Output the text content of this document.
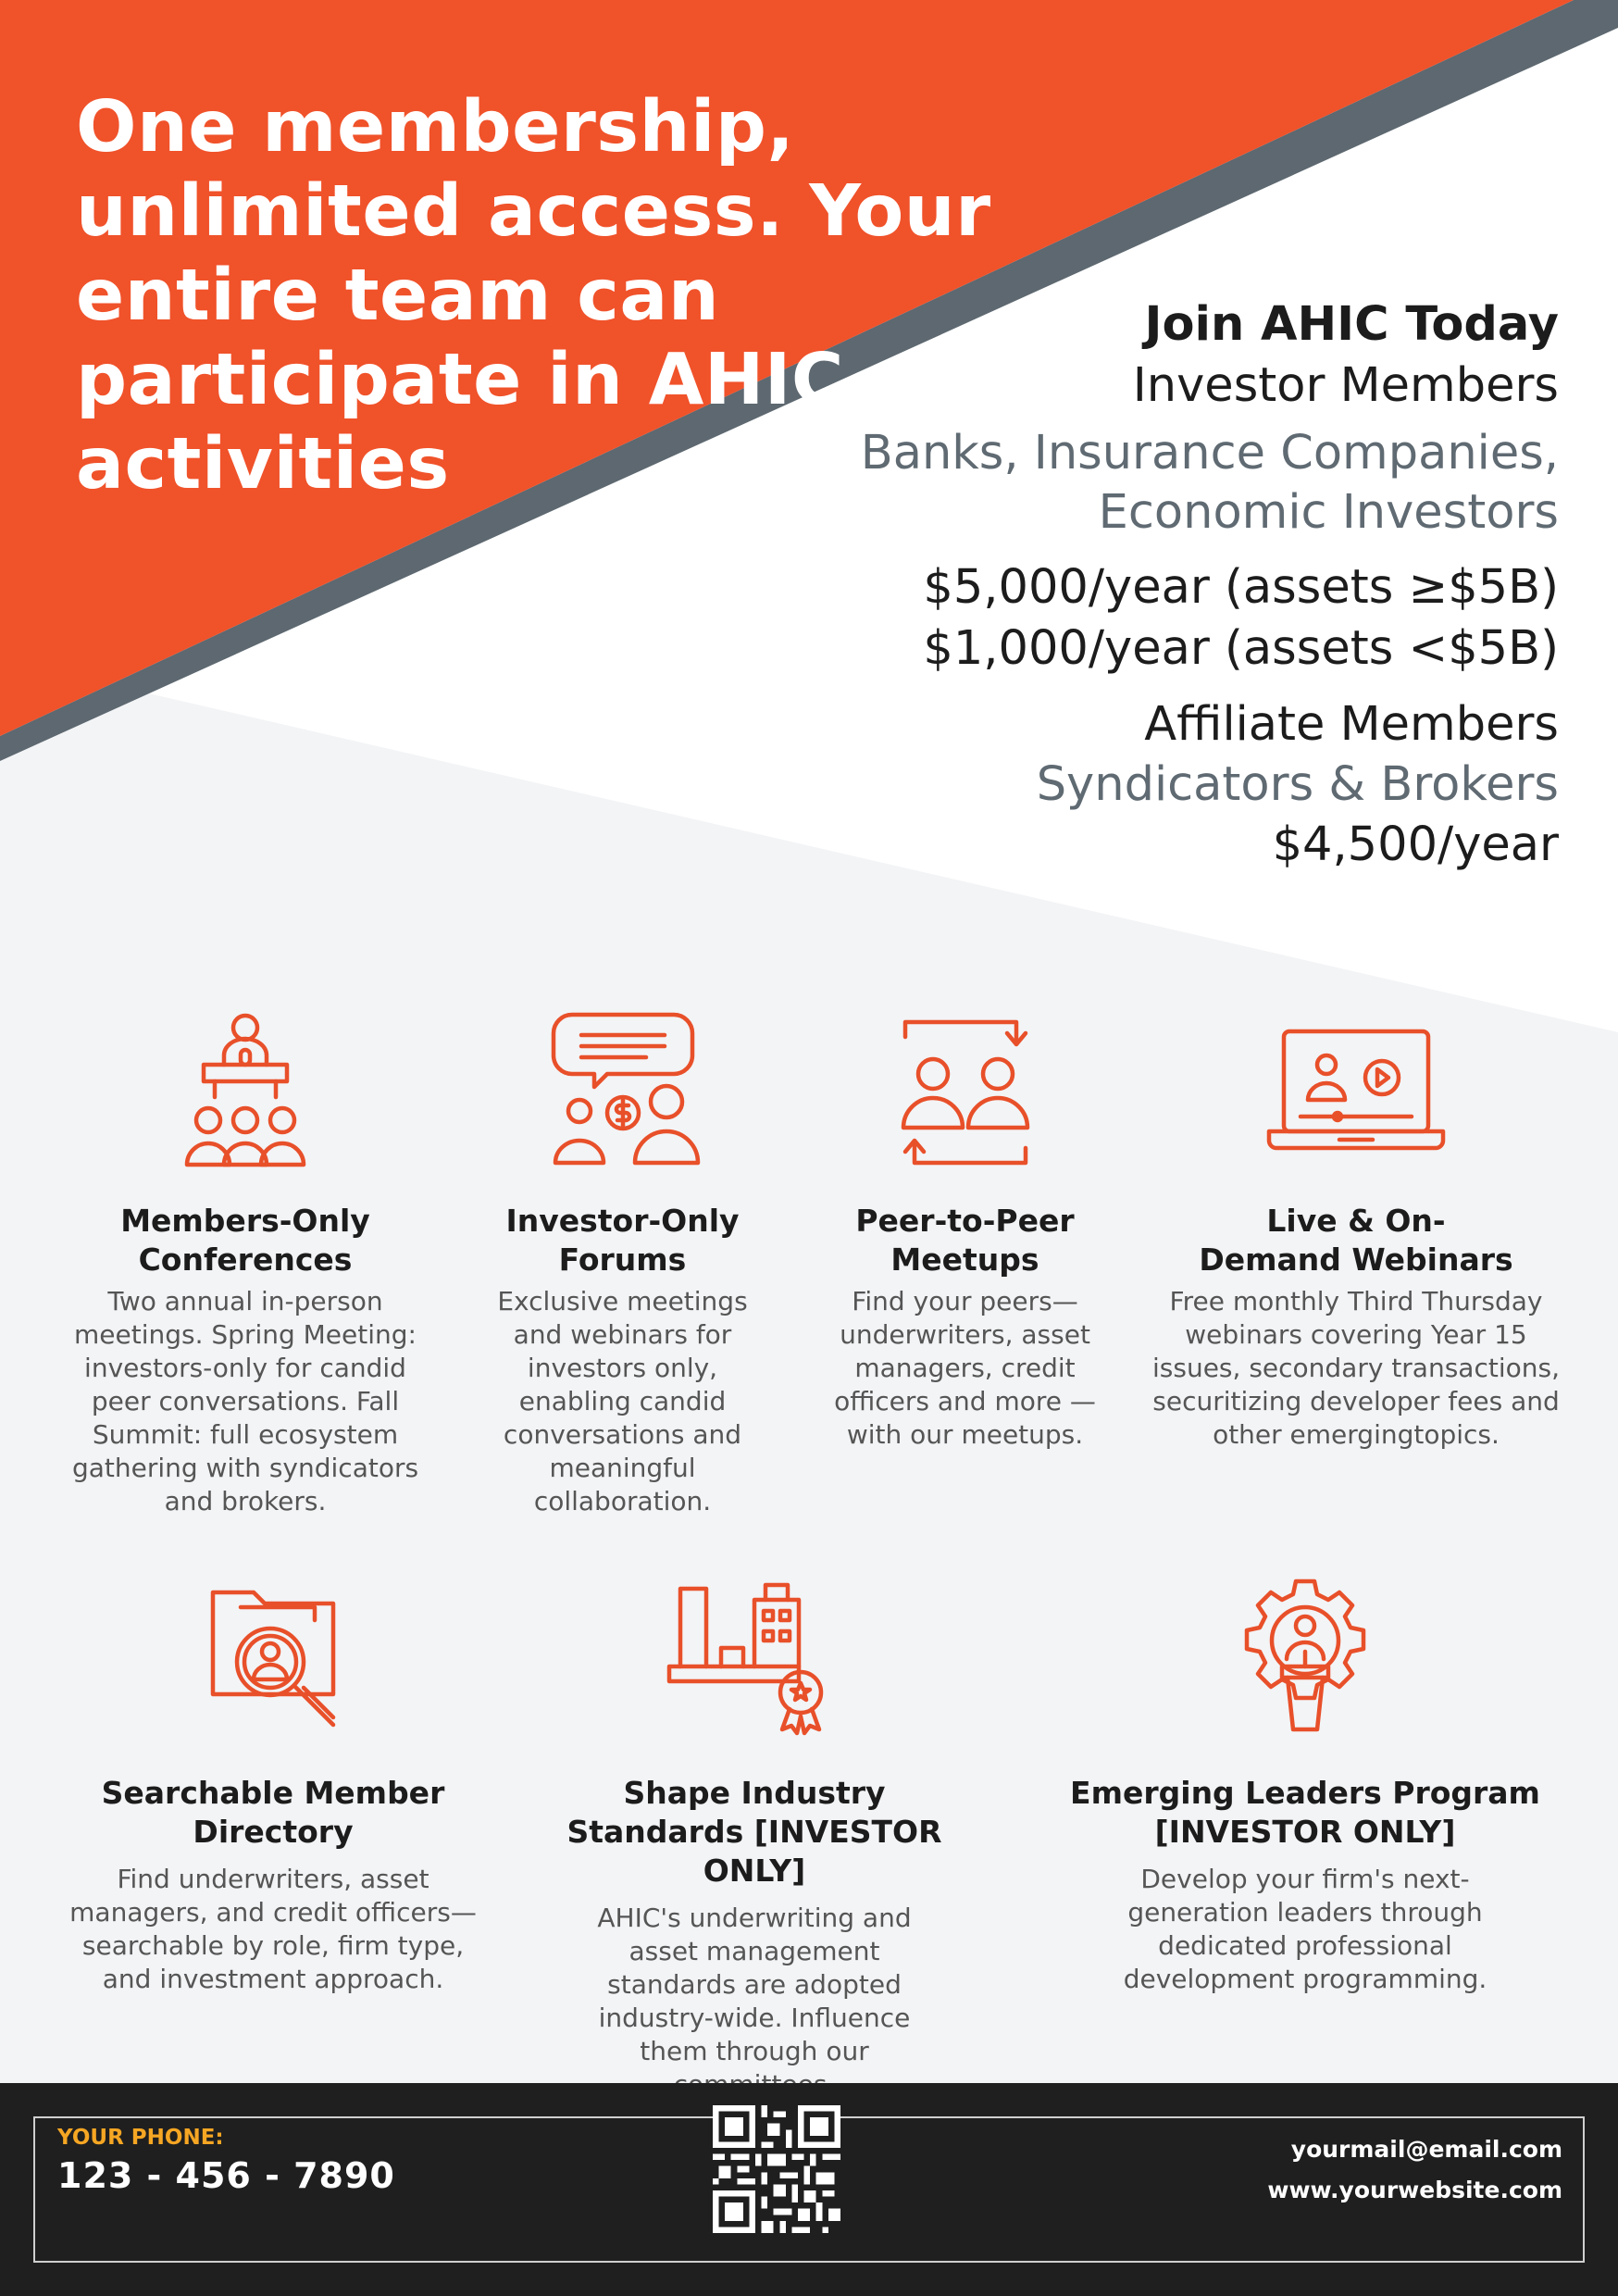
One membership, unlimited access. Your entire team can participate in AHIC activities
Join AHIC Today
Investor Members
Banks, Insurance Companies,
Economic Investors
$5,000/year (assets ≥$5B)
$1,000/year (assets <$5B)
Affiliate Members
Syndicators & Brokers
$4,500/year
Members-Only Conferences
Two annual in-person meetings. Spring Meeting: investors-only for candid peer conversations. Fall Summit: full ecosystem gathering with syndicators and brokers.
Investor-Only Forums
Exclusive meetings and webinars for investors only, enabling candid conversations and meaningful collaboration.
Peer-to-Peer Meetups
Find your peers— underwriters, asset managers, credit officers and more — with our meetups.
Live & On-Demand Webinars
Free monthly Third Thursday webinars covering Year 15 issues, secondary transactions, securitizing developer fees and other emergingtopics.
Searchable Member Directory
Find underwriters, asset managers, and credit officers—searchable by role, firm type, and investment approach.
Shape Industry Standards [INVESTOR ONLY]
AHIC's underwriting and asset management standards are adopted industry-wide. Influence them through our
Emerging Leaders Program [INVESTOR ONLY]
Develop your firm's next-generation leaders through dedicated professional development programming.
YOUR PHONE:
123 - 456 - 7890
yourmail@email.com
www.yourwebsite.com
